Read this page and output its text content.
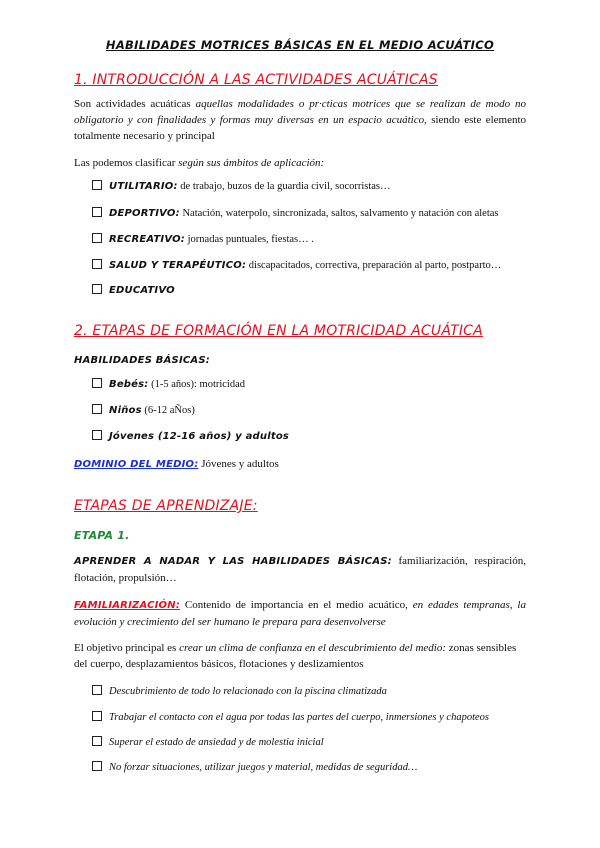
HABILIDADES MOTRICES BÁSICAS EN EL MEDIO ACUÁTICO
1. INTRODUCCIÓN A LAS ACTIVIDADES ACUÁTICAS
Son actividades acuáticas aquellas modalidades o pr·cticas motrices que se realizan de modo no obligatorio y con finalidades y formas muy diversas en un espacio acuático, siendo este elemento totalmente necesario y principal
Las podemos clasificar según sus ámbitos de aplicación:
UTILITARIO: de trabajo, buzos de la guardia civil, socorristas…
DEPORTIVO: Natación, waterpolo, sincronizada, saltos, salvamento y natación con aletas
RECREATIVO: jornadas puntuales, fiestas… .
SALUD Y TERAPÉUTICO: discapacitados, correctiva, preparación al parto, postparto…
EDUCATIVO
2. ETAPAS DE FORMACIÓN EN LA MOTRICIDAD ACUÁTICA
HABILIDADES BÁSICAS:
Bebés: (1-5 años): motricidad
Niños (6-12 aÑos)
Jóvenes (12-16 años) y adultos
DOMINIO DEL MEDIO: Jóvenes y adultos
ETAPAS DE APRENDIZAJE:
ETAPA 1.
APRENDER A NADAR Y LAS HABILIDADES BÁSICAS: familiarización, respiración, flotación, propulsión…
FAMILIARIZACIÓN: Contenido de importancia en el medio acuático, en edades tempranas, la evolución y crecimiento del ser humano le prepara para desenvolverse
El objetivo principal es crear un clima de confianza en el descubrimiento del medio: zonas sensibles del cuerpo, desplazamientos básicos, flotaciones y deslizamientos
Descubrimiento de todo lo relacionado con la piscina climatizada
Trabajar el contacto con el agua por todas las partes del cuerpo, inmersiones y chapoteos
Superar el estado de ansiedad y de molestia inicial
No forzar situaciones, utilizar juegos y material, medidas de seguridad…
